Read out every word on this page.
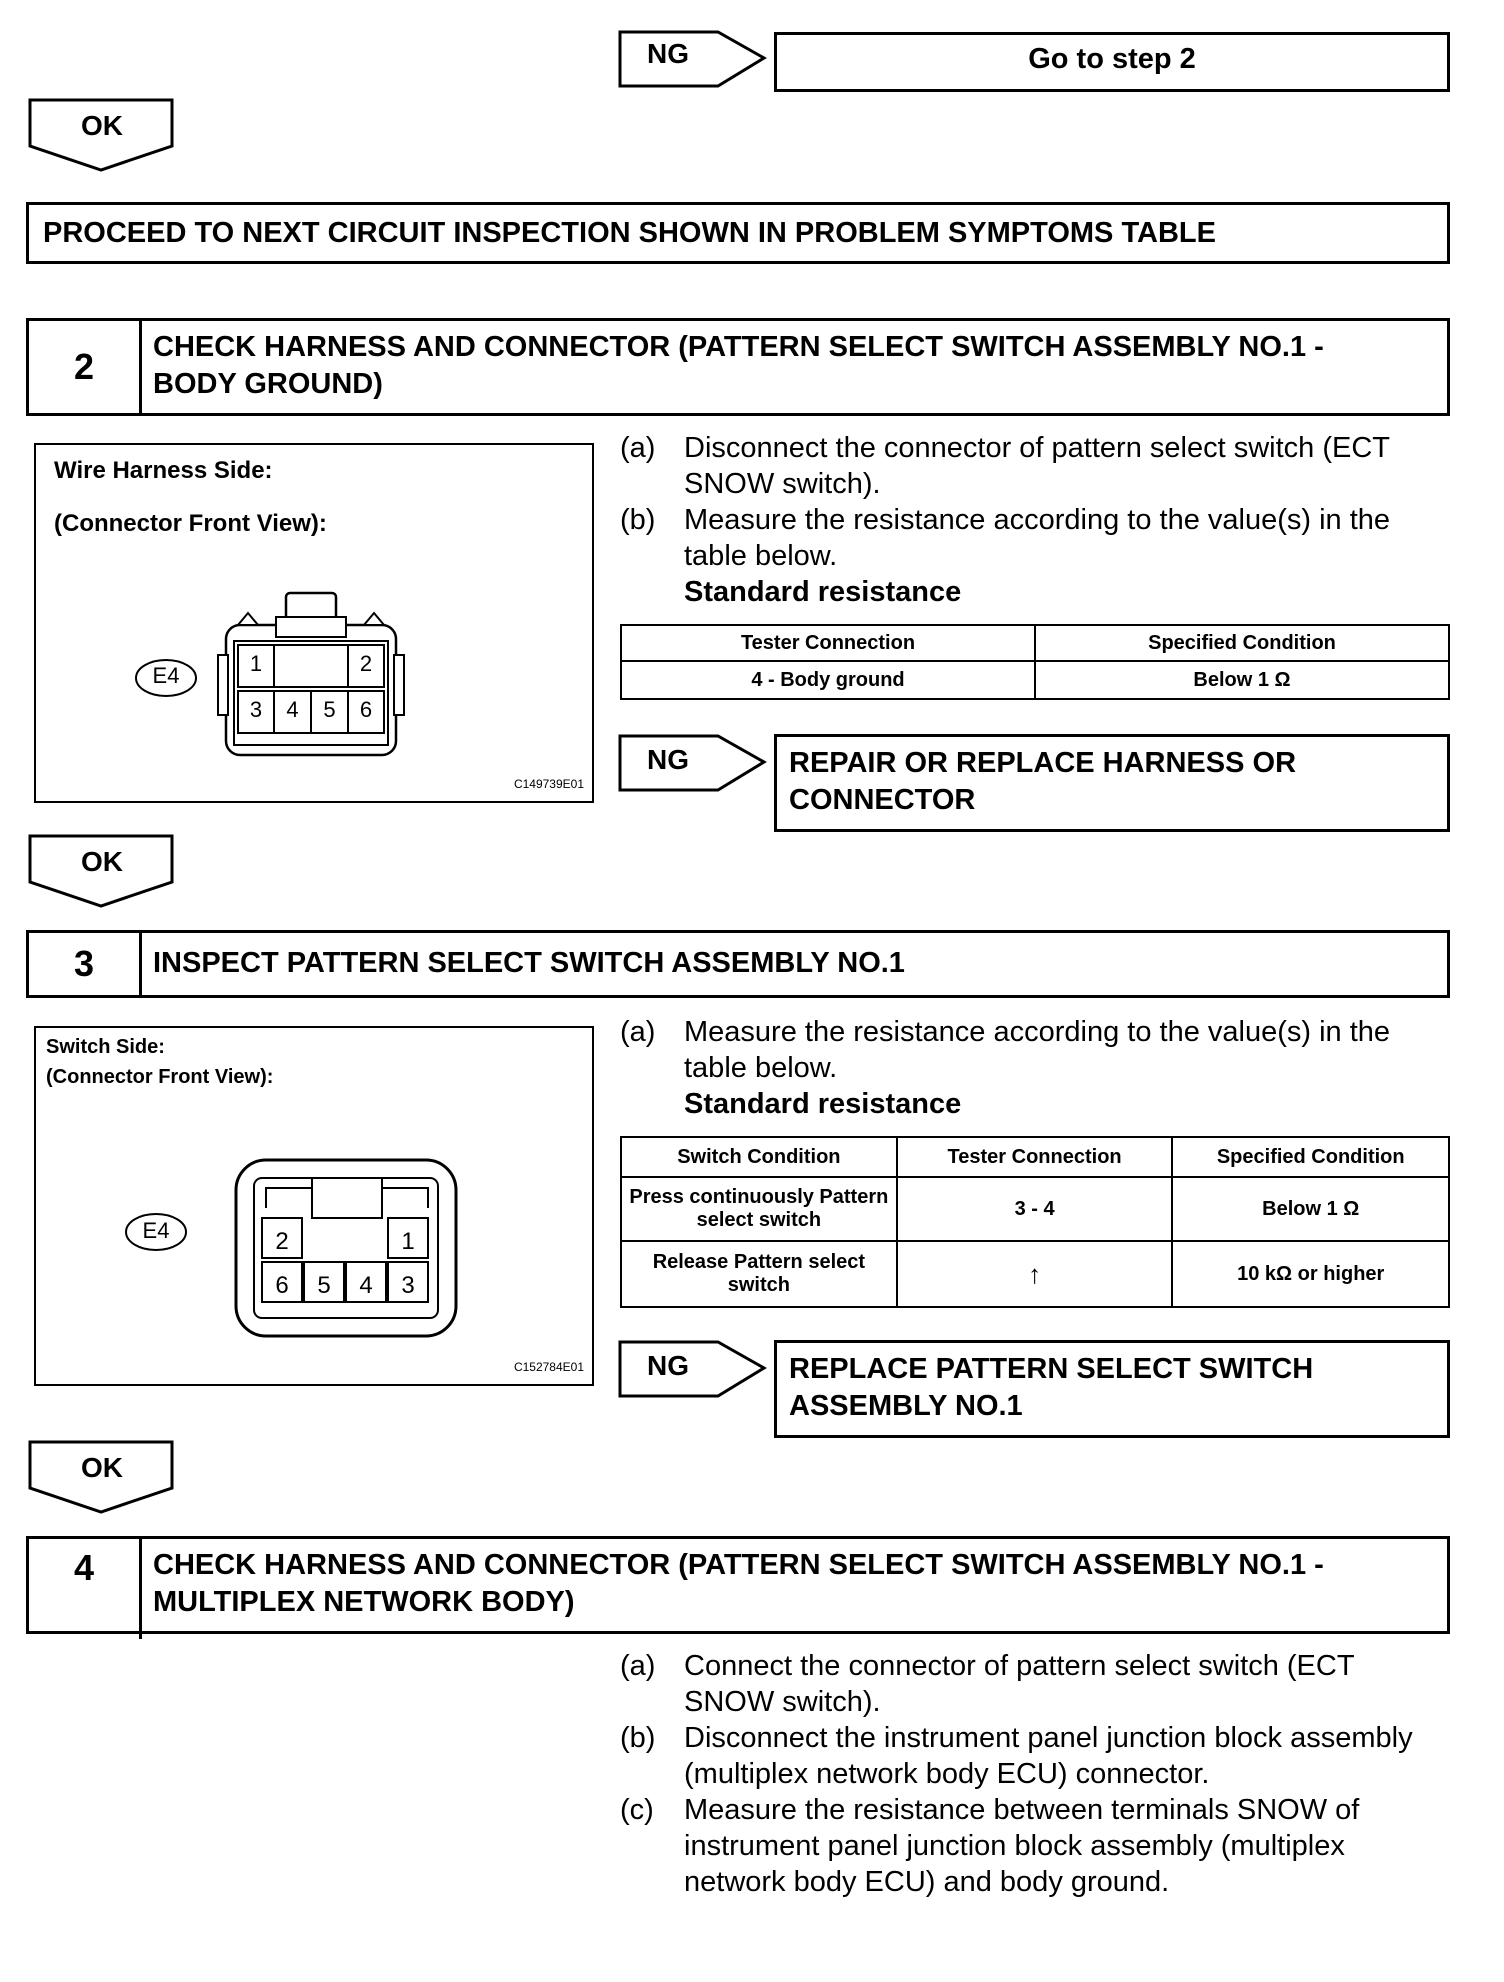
NG	Go to step 2
OK
PROCEED TO NEXT CIRCUIT INSPECTION SHOWN IN PROBLEM SYMPTOMS TABLE
2	CHECK HARNESS AND CONNECTOR (PATTERN SELECT SWITCH ASSEMBLY NO.1 - BODY GROUND)
Wire Harness Side:
(Connector Front View):
E4	1	2
3	4	5	6
C149739E01
(a) Disconnect the connector of pattern select switch (ECT SNOW switch).
(b) Measure the resistance according to the value(s) in the table below.
Standard resistance
Tester Connection	Specified Condition
4 - Body ground	Below 1 Ω
NG	REPAIR OR REPLACE HARNESS OR CONNECTOR
OK
3	INSPECT PATTERN SELECT SWITCH ASSEMBLY NO.1
Switch Side:
(Connector Front View):
E4	2	1
6	5	4	3
C152784E01
(a) Measure the resistance according to the value(s) in the table below.
Standard resistance
Switch Condition	Tester Connection	Specified Condition
Press continuously Pattern select switch	3 - 4	Below 1 Ω
Release Pattern select switch	↑	10 kΩ or higher
NG	REPLACE PATTERN SELECT SWITCH ASSEMBLY NO.1
OK
4	CHECK HARNESS AND CONNECTOR (PATTERN SELECT SWITCH ASSEMBLY NO.1 - MULTIPLEX NETWORK BODY)
(a) Connect the connector of pattern select switch (ECT SNOW switch).
(b) Disconnect the instrument panel junction block assembly (multiplex network body ECU) connector.
(c)	Measure the resistance between terminals SNOW of instrument panel junction block assembly (multiplex network body ECU) and body ground.
